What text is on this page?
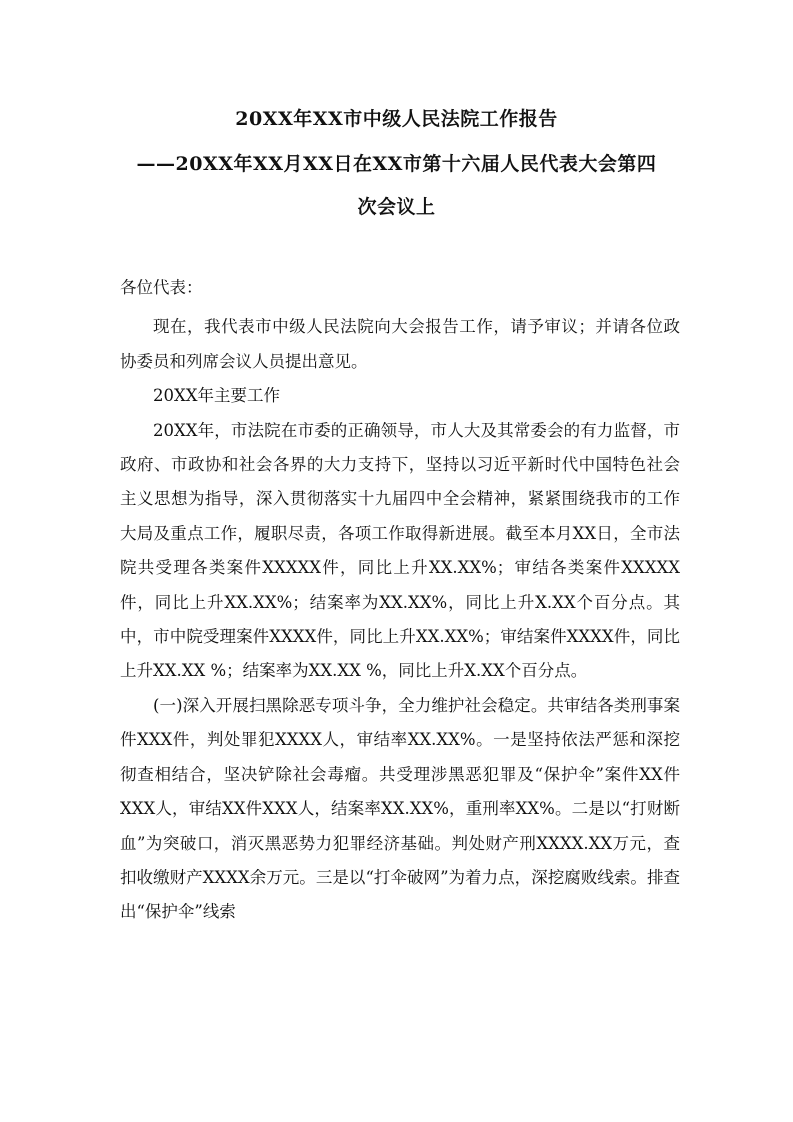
20XX年XX市中级人民法院工作报告
——20XX年XX月XX日在XX市第十六届人民代表大会第四
次会议上

各位代表：

现在，我代表市中级人民法院向大会报告工作，请予审议；并请各位政协委员和列席会议人员提出意见。

20XX年主要工作

20XX年，市法院在市委的正确领导，市人大及其常委会的有力监督，市政府、市政协和社会各界的大力支持下，坚持以习近平新时代中国特色社会主义思想为指导，深入贯彻落实十九届四中全会精神，紧紧围绕我市的工作大局及重点工作，履职尽责，各项工作取得新进展。截至本月XX日，全市法院共受理各类案件XXXXX件，同比上升XX.XX%；审结各类案件XXXXX件，同比上升XX.XX%；结案率为XX.XX%，同比上升X.XX个百分点。其中，市中院受理案件XXXX件，同比上升XX.XX%；审结案件XXXX件，同比上升XX.XX %；结案率为XX.XX %，同比上升X.XX个百分点。

(一)深入开展扫黑除恶专项斗争，全力维护社会稳定。共审结各类刑事案件XXX件，判处罪犯XXXX人，审结率XX.XX%。一是坚持依法严惩和深挖彻查相结合，坚决铲除社会毒瘤。共受理涉黑恶犯罪及“保护伞”案件XX件XXX人，审结XX件XXX人，结案率XX.XX%，重刑率XX%。二是以“打财断血”为突破口，消灭黑恶势力犯罪经济基础。判处财产刑XXXX.XX万元，查扣收缴财产XXXX余万元。三是以“打伞破网”为着力点，深挖腐败线索。排查出“保护伞”线索
